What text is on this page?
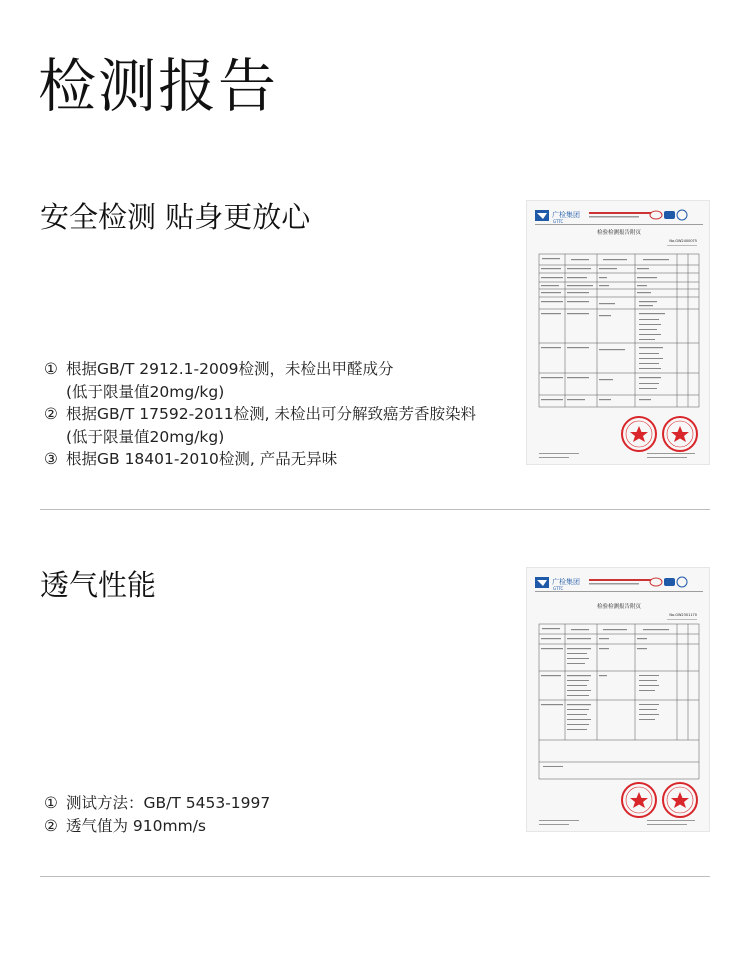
检测报告
安全检测 贴身更放心
① 根据GB/T 2912.1-2009检测，未检出甲醛成分
(低于限量值20mg/kg)
② 根据GB/T 17592-2011检测, 未检出可分解致癌芳香胺染料
(低于限量值20mg/kg)
③ 根据GB 18401-2010检测, 产品无异味
广检集团
GTTC
检验检测报告附页
No.GW2400075
透气性能
① 测试方法：GB/T 5453-1997
② 透气值为 910mm/s
广检集团
GTTC
检验检测报告附页
No.GW2301170
